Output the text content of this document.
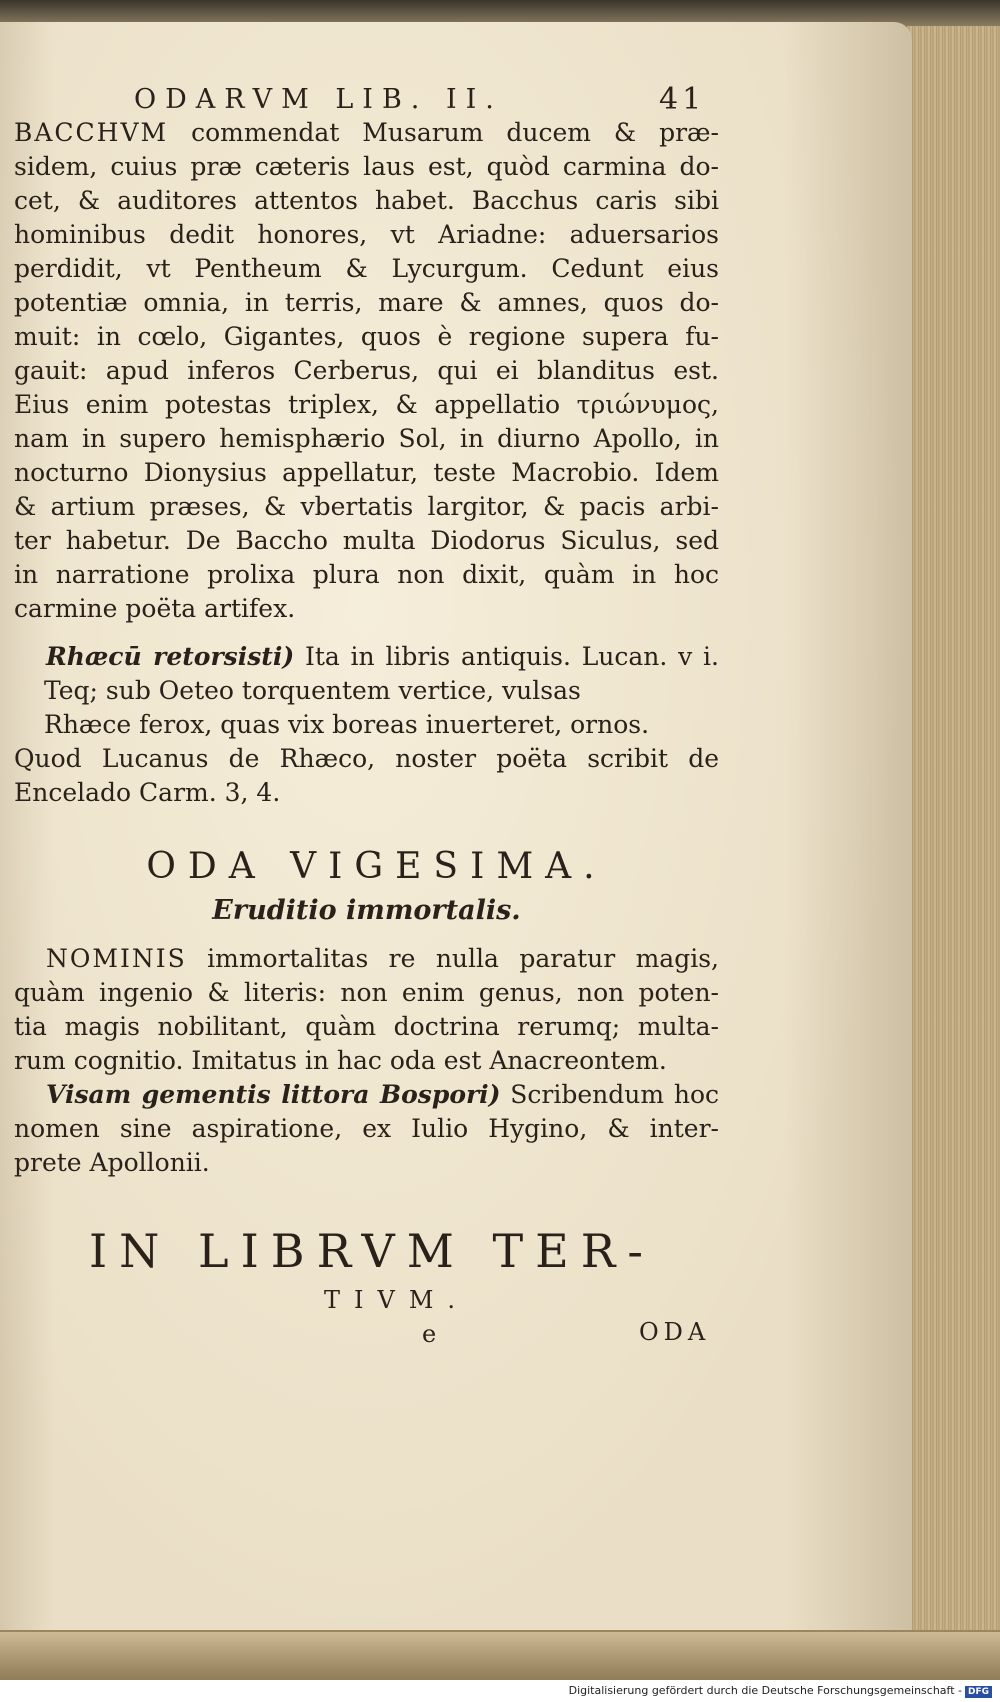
ODARVM LIB. II.	41
BACCHVM commendat Musarum ducem & præ-
sidem, cuius præ cæteris laus est, quòd carmina do-
cet, & auditores attentos habet. Bacchus caris sibi
hominibus dedit honores, vt Ariadne: aduersarios
perdidit, vt Pentheum & Lycurgum. Cedunt eius
potentiæ omnia, in terris, mare & amnes, quos do-
muit: in cœlo, Gigantes, quos è regione supera fu-
gauit: apud inferos Cerberus, qui ei blanditus est.
Eius enim potestas triplex, & appellatio τριώνυμος,
nam in supero hemisphærio Sol, in diurno Apollo, in
nocturno Dionysius appellatur, teste Macrobio. Idem
& artium præses, & vbertatis largitor, & pacis arbi-
ter habetur. De Baccho multa Diodorus Siculus, sed
in narratione prolixa plura non dixit, quàm in hoc
carmine poëta artifex.
Rhæcū retorsisti) Ita in libris antiquis. Lucan. v i.
Teq; sub Oeteo torquentem vertice, vulsas
Rhæce ferox, quas vix boreas inuerteret, ornos.
Quod Lucanus de Rhæco, noster poëta scribit de
Encelado Carm. 3, 4.
ODA VIGESIMA.
Eruditio immortalis.
NOMINIS immortalitas re nulla paratur magis,
quàm ingenio & literis: non enim genus, non poten-
tia magis nobilitant, quàm doctrina rerumq; multa-
rum cognitio. Imitatus in hac oda est Anacreontem.
Visam gementis littora Bospori) Scribendum hoc
nomen sine aspiratione, ex Iulio Hygino, & inter-
prete Apollonii.
IN LIBRVM TER-
TIVM.
e	ODA
Digitalisierung gefördert durch die Deutsche Forschungsgemeinschaft - DFG
